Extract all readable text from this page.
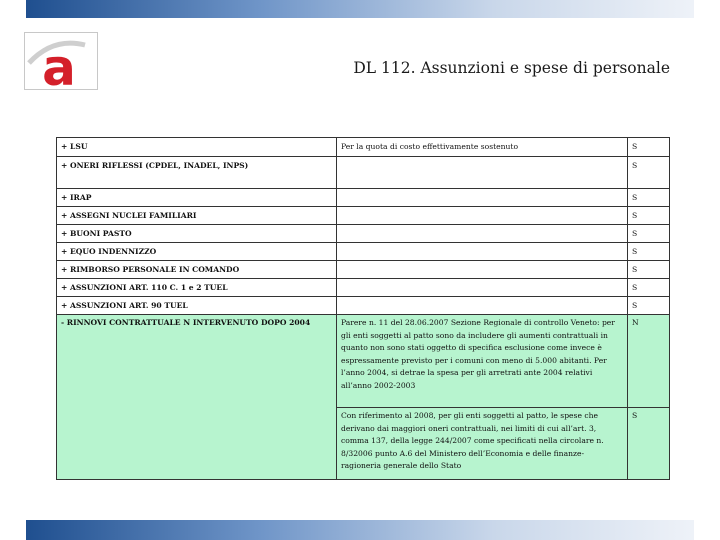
a	DL 112. Assunzioni e spese di personale
+ LSU	Per la quota di costo effettivamente sostenuto	S
+ ONERI RIFLESSI (CPDEL, INADEL, INPS)		S
+ IRAP		S
+ ASSEGNI NUCLEI FAMILIARI		S
+ BUONI PASTO		S
+ EQUO INDENNIZZO		S
+ RIMBORSO PERSONALE IN COMANDO		S
+ ASSUNZIONI ART. 110 C. 1 e 2 TUEL		S
+ ASSUNZIONI ART. 90 TUEL		S
- RINNOVI CONTRATTUALE N INTERVENUTO DOPO 2004	Parere n. 11 del 28.06.2007 Sezione Regionale di controllo Veneto: per gli enti soggetti al patto sono da includere gli aumenti contrattuali in quanto non sono stati oggetto di specifica esclusione come invece è espressamente previsto per i comuni con meno di 5.000 abitanti. Per l’anno 2004, si detrae la spesa per gli arretrati ante 2004 relativi all’anno 2002-2003	N
	Con riferimento al 2008, per gli enti soggetti al patto, le spese che derivano dai maggiori oneri contrattuali, nei limiti di cui all’art. 3, comma 137, della legge 244/2007 come specificati nella circolare n. 8/32006 punto A.6 del Ministero dell’Economia e delle finanze-ragioneria generale dello Stato	S
